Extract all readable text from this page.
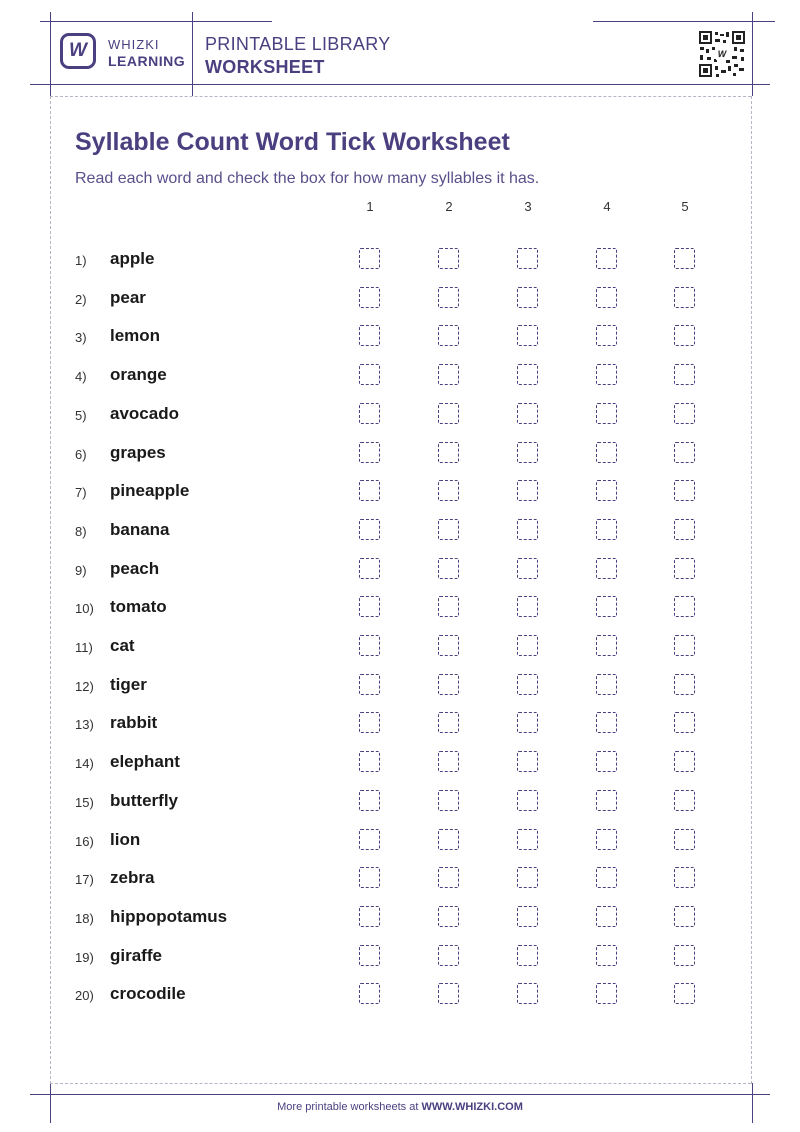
W	WHIZKI
LEARNING
PRINTABLE LIBRARY
WORKSHEET
W
Syllable Count Word Tick Worksheet
Read each word and check the box for how many syllables it has.
1	2	3	4	5
1) apple
2) pear
3) lemon
4) orange
5) avocado
6) grapes
7) pineapple
8) banana
9) peach
10) tomato
11) cat
12) tiger
13) rabbit
14) elephant
15) butterfly
16) lion
17) zebra
18) hippopotamus
19) giraffe
20) crocodile
More printable worksheets at WWW.WHIZKI.COM
